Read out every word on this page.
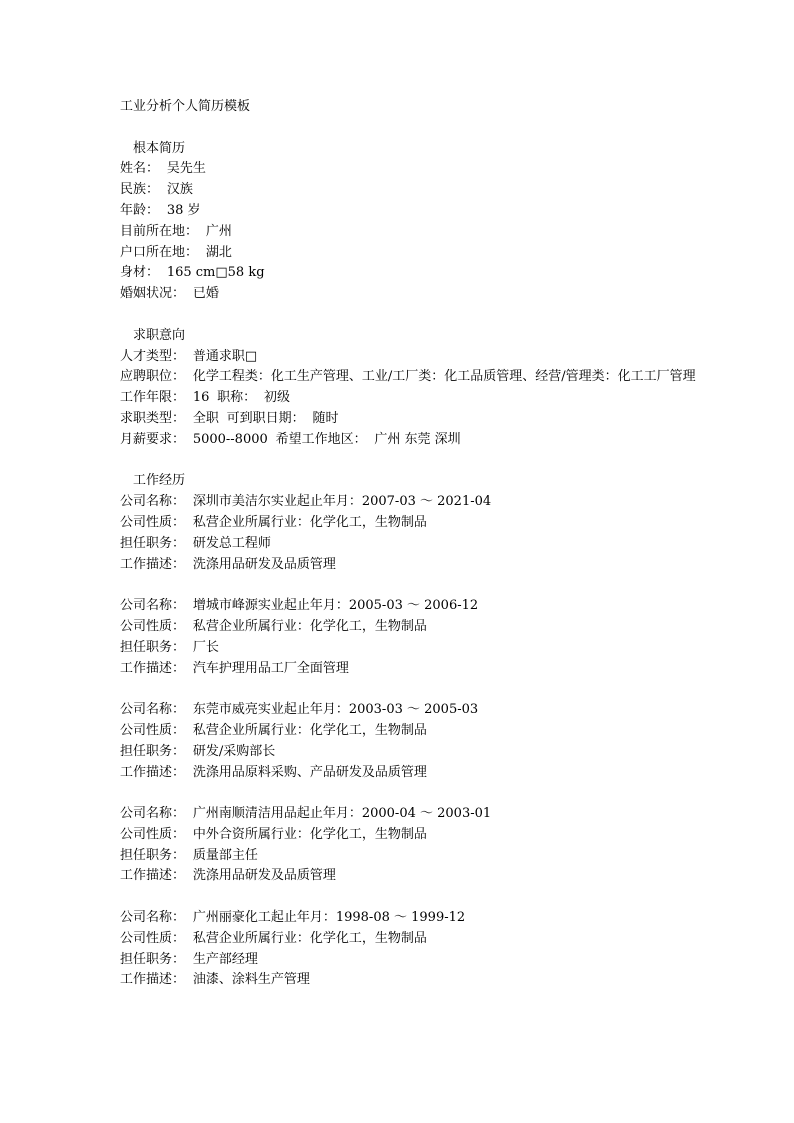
工业分析个人简历模板
根本简历
姓名： 吴先生
民族： 汉族
年龄： 38 岁
目前所在地： 广州
户口所在地： 湖北
身材： 165 cm□58 kg
婚姻状况： 已婚
求职意向
人才类型： 普通求职□
应聘职位： 化学工程类：化工生产管理、工业/工厂类：化工品质管理、经营/管理类：化工工厂管理
工作年限： 16 职称： 初级
求职类型： 全职 可到职日期： 随时
月薪要求： 5000--8000 希望工作地区： 广州 东莞 深圳
工作经历
公司名称： 深圳市美洁尔实业起止年月：2007-03 ～ 2021-04
公司性质： 私营企业所属行业：化学化工，生物制品
担任职务： 研发总工程师
工作描述： 洗涤用品研发及品质管理
公司名称： 增城市峰源实业起止年月：2005-03 ～ 2006-12
公司性质： 私营企业所属行业：化学化工，生物制品
担任职务： 厂长
工作描述： 汽车护理用品工厂全面管理
公司名称： 东莞市威亮实业起止年月：2003-03 ～ 2005-03
公司性质： 私营企业所属行业：化学化工，生物制品
担任职务： 研发/采购部长
工作描述： 洗涤用品原料采购、产品研发及品质管理
公司名称： 广州南顺清洁用品起止年月：2000-04 ～ 2003-01
公司性质： 中外合资所属行业：化学化工，生物制品
担任职务： 质量部主任
工作描述： 洗涤用品研发及品质管理
公司名称： 广州丽豪化工起止年月：1998-08 ～ 1999-12
公司性质： 私营企业所属行业：化学化工，生物制品
担任职务： 生产部经理
工作描述： 油漆、涂料生产管理
